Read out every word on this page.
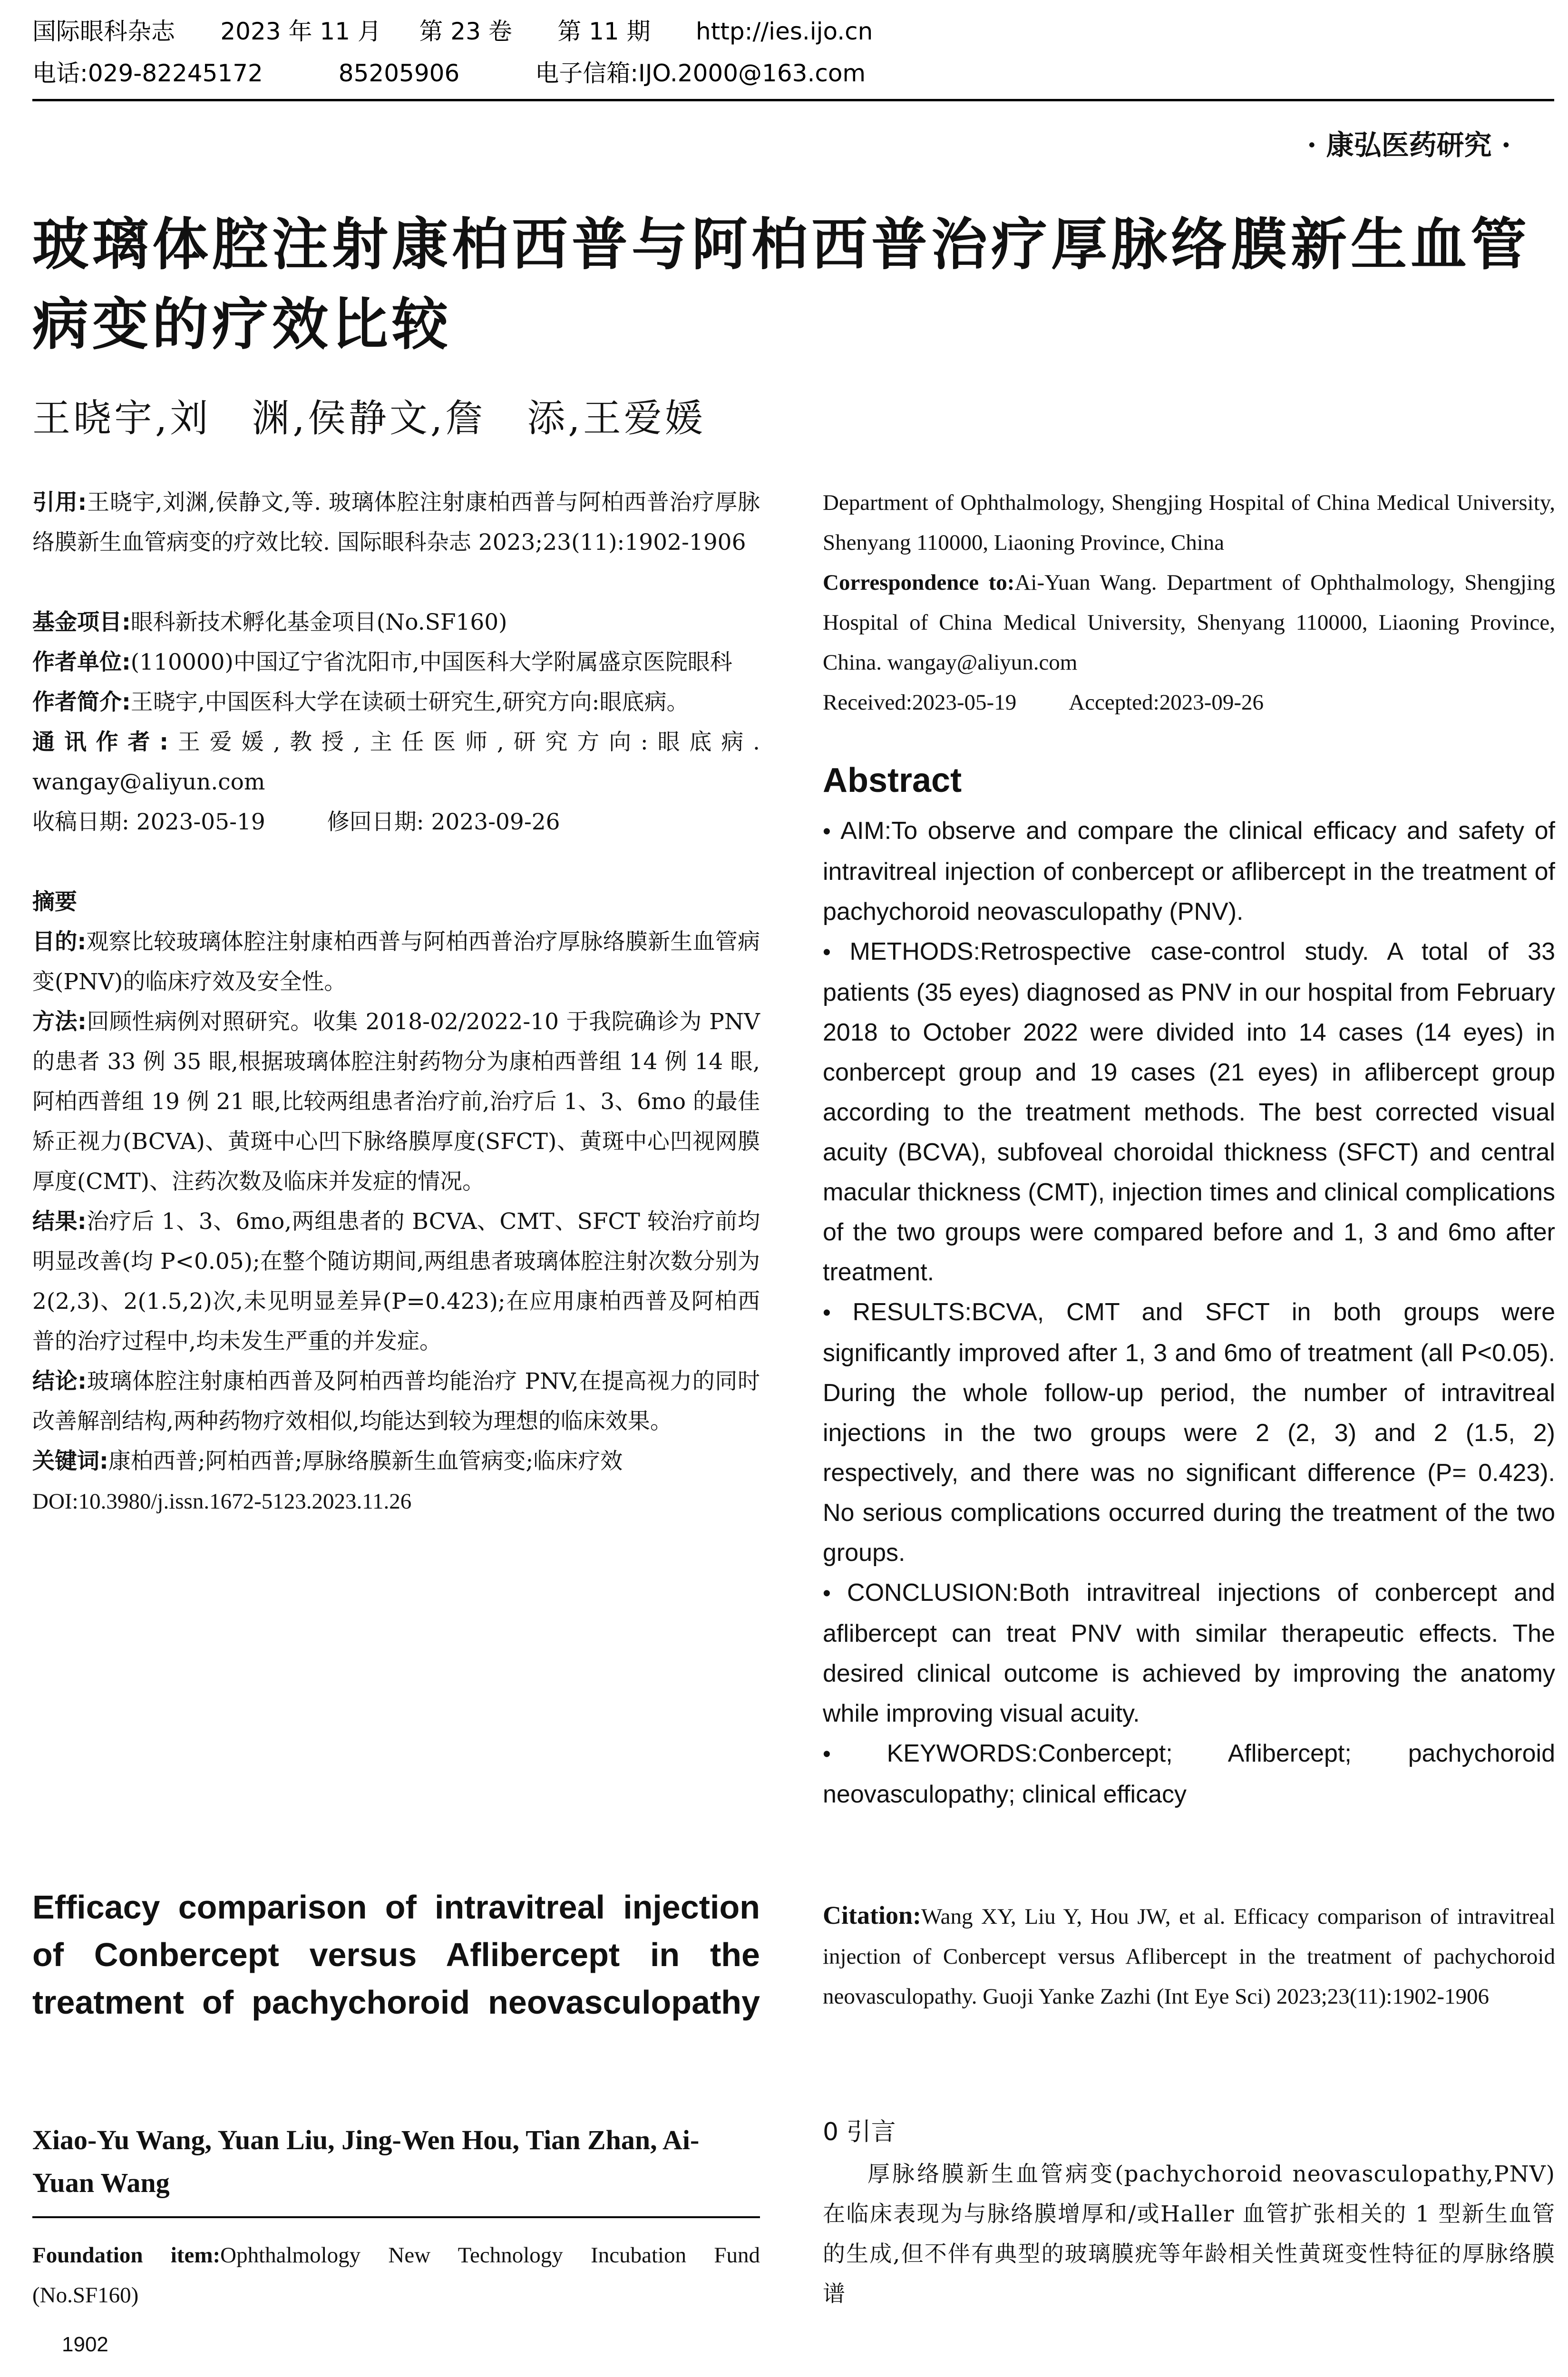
国际眼科杂志 2023 年 11 月 第 23 卷 第 11 期 http://ies.ijo.cn
电话:029-82245172	85205906	电子信箱:IJO.2000@163.com
· 康弘医药研究 ·
玻璃体腔注射康柏西普与阿柏西普治疗厚脉络膜新生血管病变的疗效比较
王晓宇,刘　渊,侯静文,詹　添,王爱媛

引用:王晓宇,刘渊,侯静文,等. 玻璃体腔注射康柏西普与阿柏西普治疗厚脉络膜新生血管病变的疗效比较. 国际眼科杂志 2023;23(11):1902-1906

基金项目:眼科新技术孵化基金项目(No.SF160)

作者单位:(110000)中国辽宁省沈阳市,中国医科大学附属盛京医院眼科

作者简介:王晓宇,中国医科大学在读硕士研究生,研究方向:眼底病。

通讯作者:王爱媛,教授,主任医师,研究方向:眼底病. wangay@aliyun.com

收稿日期: 2023-05-19	修回日期: 2023-09-26

摘要

目的:观察比较玻璃体腔注射康柏西普与阿柏西普治疗厚脉络膜新生血管病变(PNV)的临床疗效及安全性。

方法:回顾性病例对照研究。收集 2018-02/2022-10 于我院确诊为 PNV 的患者 33 例 35 眼,根据玻璃体腔注射药物分为康柏西普组 14 例 14 眼,阿柏西普组 19 例 21 眼,比较两组患者治疗前,治疗后 1、3、6mo 的最佳矫正视力(BCVA)、黄斑中心凹下脉络膜厚度(SFCT)、黄斑中心凹视网膜厚度(CMT)、注药次数及临床并发症的情况。

结果:治疗后 1、3、6mo,两组患者的 BCVA、CMT、SFCT 较治疗前均明显改善(均 P<0.05);在整个随访期间,两组患者玻璃体腔注射次数分别为 2(2,3)、2(1.5,2)次,未见明显差异(P=0.423);在应用康柏西普及阿柏西普的治疗过程中,均未发生严重的并发症。

结论:玻璃体腔注射康柏西普及阿柏西普均能治疗 PNV,在提高视力的同时改善解剖结构,两种药物疗效相似,均能达到较为理想的临床效果。

关键词:康柏西普;阿柏西普;厚脉络膜新生血管病变;临床疗效

DOI:10.3980/j.issn.1672-5123.2023.11.26

Efficacy comparison of intravitreal injection of Conbercept versus Aflibercept in the treatment of pachychoroid neovasculopathy
Xiao-Yu Wang, Yuan Liu, Jing-Wen Hou, Tian Zhan, Ai-Yuan Wang
Foundation item:Ophthalmology New Technology Incubation Fund (No.SF160)
1902

Department of Ophthalmology, Shengjing Hospital of China Medical University, Shenyang 110000, Liaoning Province, China

Correspondence to:Ai-Yuan Wang. Department of Ophthalmology, Shengjing Hospital of China Medical University, Shenyang 110000, Liaoning Province, China. wangay@aliyun.com

Received:2023-05-19 Accepted:2023-09-26

Abstract

• AIM:To observe and compare the clinical efficacy and safety of intravitreal injection of conbercept or aflibercept in the treatment of pachychoroid neovasculopathy (PNV).

• METHODS:Retrospective case-control study. A total of 33 patients (35 eyes) diagnosed as PNV in our hospital from February 2018 to October 2022 were divided into 14 cases (14 eyes) in conbercept group and 19 cases (21 eyes) in aflibercept group according to the treatment methods. The best corrected visual acuity (BCVA), subfoveal choroidal thickness (SFCT) and central macular thickness (CMT), injection times and clinical complications of the two groups were compared before and 1, 3 and 6mo after treatment.

• RESULTS:BCVA, CMT and SFCT in both groups were significantly improved after 1, 3 and 6mo of treatment (all P<0.05). During the whole follow-up period, the number of intravitreal injections in the two groups were 2 (2, 3) and 2 (1.5, 2) respectively, and there was no significant difference (P= 0.423). No serious complications occurred during the treatment of the two groups.

• CONCLUSION:Both intravitreal injections of conbercept and aflibercept can treat PNV with similar therapeutic effects. The desired clinical outcome is achieved by improving the anatomy while improving visual acuity.

• KEYWORDS:Conbercept; Aflibercept; pachychoroid neovasculopathy; clinical efficacy

Citation:Wang XY, Liu Y, Hou JW, et al. Efficacy comparison of intravitreal injection of Conbercept versus Aflibercept in the treatment of pachychoroid neovasculopathy. Guoji Yanke Zazhi (Int Eye Sci) 2023;23(11):1902-1906
0 引言
厚脉络膜新生血管病变(pachychoroid neovasculopathy,PNV)在临床表现为与脉络膜增厚和/或Haller 血管扩张相关的 1 型新生血管的生成,但不伴有典型的玻璃膜疣等年龄相关性黄斑变性特征的厚脉络膜谱
